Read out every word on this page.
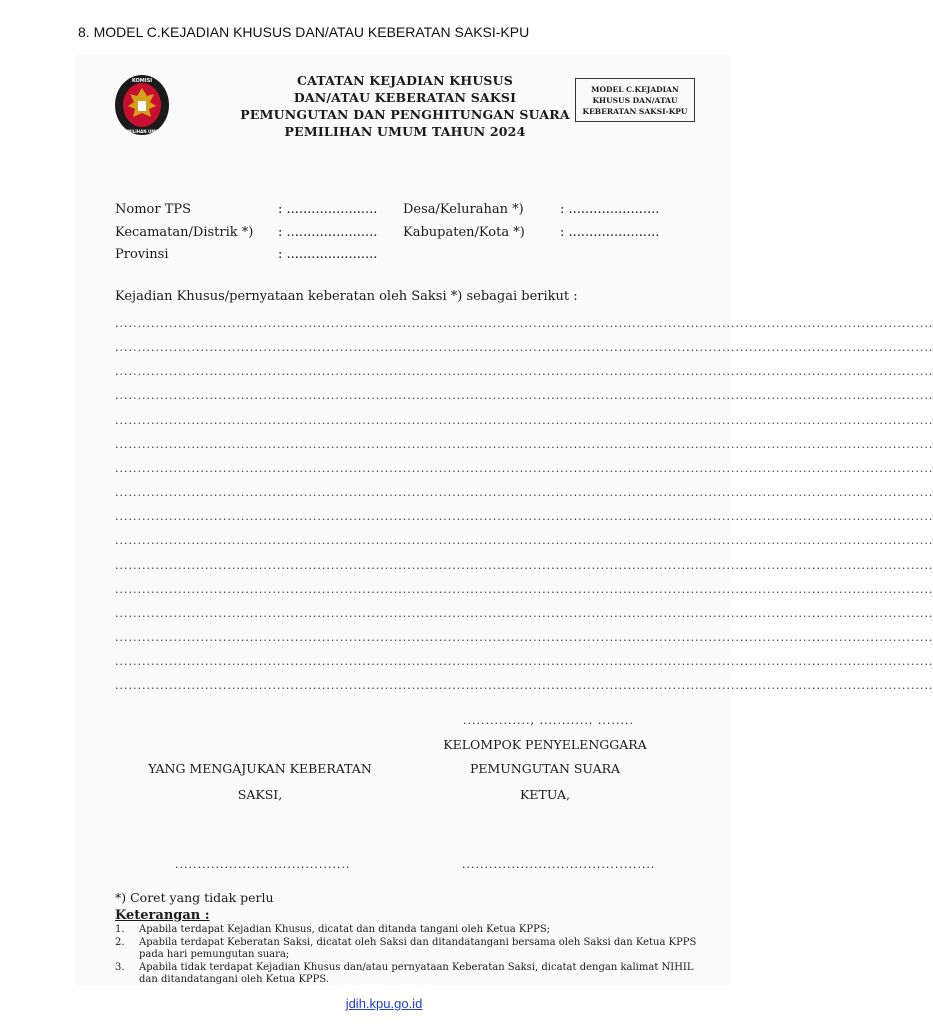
8. MODEL C.KEJADIAN KHUSUS DAN/ATAU KEBERATAN SAKSI-KPU
KOMISI
PEMILIHAN UMUM
CATATAN KEJADIAN KHUSUS
DAN/ATAU KEBERATAN SAKSI
PEMUNGUTAN DAN PENGHITUNGAN SUARA
PEMILIHAN UMUM TAHUN 2024
MODEL C.KEJADIAN
KHUSUS DAN/ATAU
KEBERATAN SAKSI-KPU
Nomor TPS	: ...................... Desa/Kelurahan *)	: ......................
Kecamatan/Distrik *) : ...................... Kabupaten/Kota *)	: ......................
Provinsi	: ......................
Kejadian Khusus/pernyataan keberatan oleh Saksi *) sebagai berikut :
......................................................................................................................................................................................
......................................................................................................................................................................................
......................................................................................................................................................................................
......................................................................................................................................................................................
......................................................................................................................................................................................
......................................................................................................................................................................................
......................................................................................................................................................................................
......................................................................................................................................................................................
......................................................................................................................................................................................
......................................................................................................................................................................................
......................................................................................................................................................................................
......................................................................................................................................................................................
......................................................................................................................................................................................
......................................................................................................................................................................................
......................................................................................................................................................................................
......................................................................................................................................................................................
..............., ............ ........
KELOMPOK PENYELENGGARA
PEMUNGUTAN SUARA
KETUA,
YANG MENGAJUKAN KEBERATAN
SAKSI,
.......................................	...........................................
*) Coret yang tidak perlu
Keterangan :
1.	Apabila terdapat Kejadian Khusus, dicatat dan ditanda tangani oleh Ketua KPPS;
2.	Apabila terdapat Keberatan Saksi, dicatat oleh Saksi dan ditandatangani bersama oleh Saksi dan Ketua KPPS pada hari pemungutan suara;
3.	Apabila tidak terdapat Kejadian Khusus dan/atau pernyataan Keberatan Saksi, dicatat dengan kalimat NIHIL dan ditandatangani oleh Ketua KPPS.
jdih.kpu.go.id
